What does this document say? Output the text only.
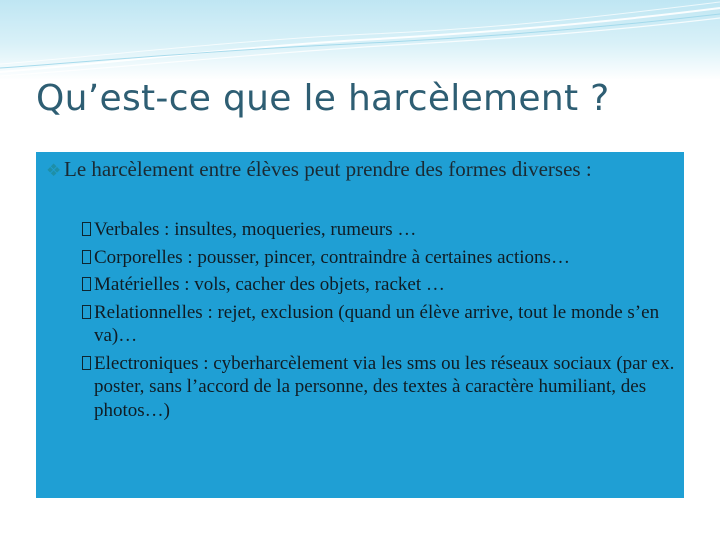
Qu’est-ce que le harcèlement ?
❖ Le harcèlement entre élèves peut prendre des formes diverses :
Verbales : insultes, moqueries, rumeurs …
Corporelles : pousser, pincer, contraindre à certaines actions…
Matérielles : vols, cacher des objets, racket …
Relationnelles : rejet, exclusion (quand un élève arrive, tout le monde s’en va)…
Electroniques : cyberharcèlement via les sms ou les réseaux sociaux (par ex. poster, sans l’accord de la personne, des textes à caractère humiliant, des photos…)
